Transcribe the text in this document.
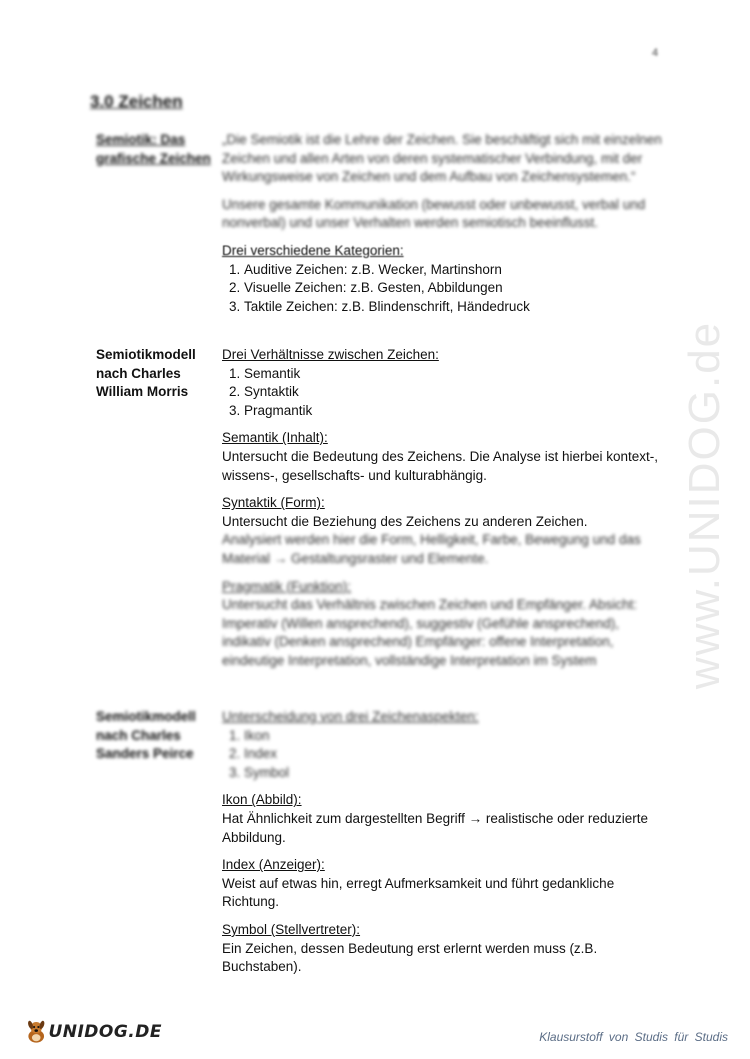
4
3.0 Zeichen
Semiotik: Das grafische Zeichen

„Die Semiotik ist die Lehre der Zeichen. Sie beschäftigt sich mit einzelnen Zeichen und allen Arten von deren systematischer Verbindung, mit der Wirkungsweise von Zeichen und dem Aufbau von Zeichensystemen.“

Unsere gesamte Kommunikation (bewusst oder unbewusst, verbal und nonverbal) und unser Verhalten werden semiotisch beeinflusst.

Drei verschiedene Kategorien:

1. Auditive Zeichen: z.B. Wecker, Martinshorn
2. Visuelle Zeichen: z.B. Gesten, Abbildungen
3. Taktile Zeichen: z.B. Blindenschrift, Händedruck
Semiotikmodell nach Charles William Morris

Drei Verhältnisse zwischen Zeichen:

1. Semantik
2. Syntaktik
3. Pragmantik

Semantik (Inhalt):

Untersucht die Bedeutung des Zeichens. Die Analyse ist hierbei kontext-, wissens-, gesellschafts- und kulturabhängig.

Syntaktik (Form):

Untersucht die Beziehung des Zeichens zu anderen Zeichen.

Analysiert werden hier die Form, Helligkeit, Farbe, Bewegung und das Material → Gestaltungsraster und Elemente.

Pragmatik (Funktion):

Untersucht das Verhältnis zwischen Zeichen und Empfänger. Absicht: Imperativ (Willen ansprechend), suggestiv (Gefühle ansprechend), indikativ (Denken ansprechend) Empfänger: offene Interpretation, eindeutige Interpretation, vollständige Interpretation im System

Semiotikmodell nach Charles Sanders Peirce

Unterscheidung von drei Zeichenaspekten:

1. Ikon
2. Index
3. Symbol

Ikon (Abbild):

Hat Ähnlichkeit zum dargestellten Begriff → realistische oder reduzierte Abbildung.

Index (Anzeiger):

Weist auf etwas hin, erregt Aufmerksamkeit und führt gedankliche Richtung.

Symbol (Stellvertreter):

Ein Zeichen, dessen Bedeutung erst erlernt werden muss (z.B. Buchstaben).

www.UNIDOG.de
UNIDOG.DE	Klausurstoff von Studis für Studis
